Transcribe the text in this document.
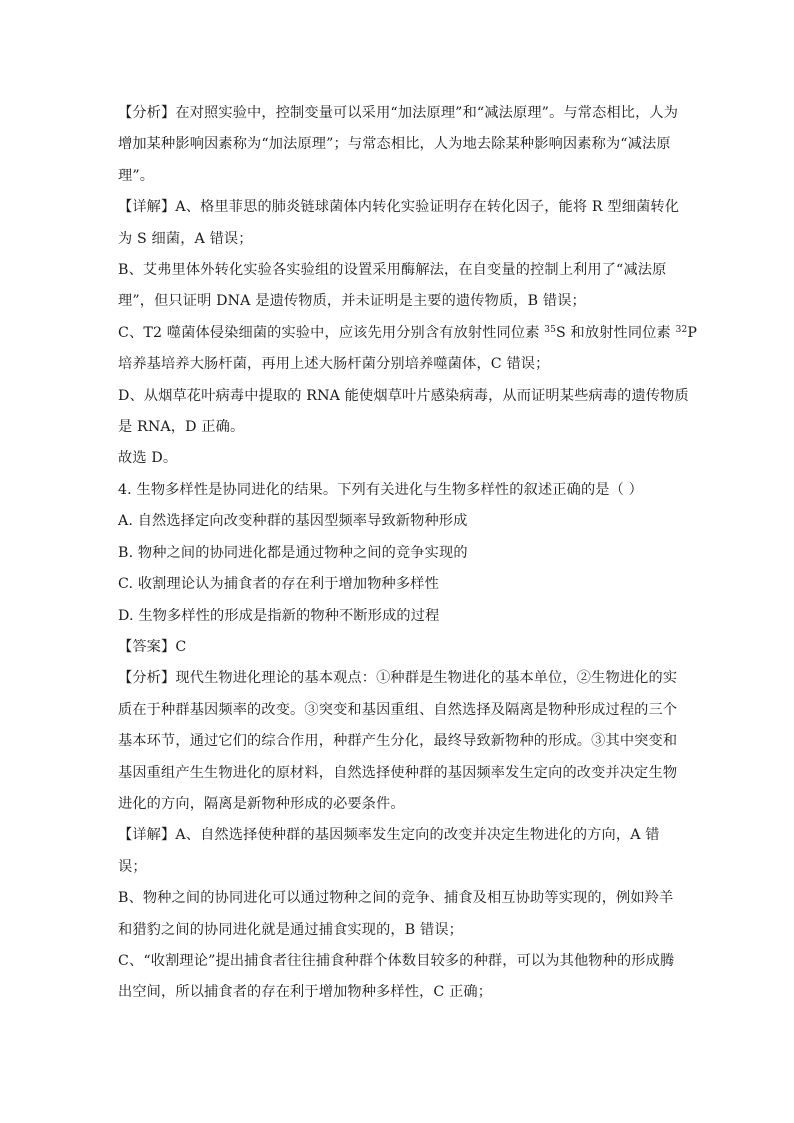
【分析】在对照实验中，控制变量可以采用“加法原理”和“减法原理”。与常态相比，人为
增加某种影响因素称为“加法原理”；与常态相比，人为地去除某种影响因素称为“减法原
理”。
【详解】A、格里菲思的肺炎链球菌体内转化实验证明存在转化因子，能将 R 型细菌转化
为 S 细菌，A 错误；
B、艾弗里体外转化实验各实验组的设置采用酶解法，在自变量的控制上利用了“减法原
理”，但只证明 DNA 是遗传物质，并未证明是主要的遗传物质，B 错误；
C、T2 噬菌体侵染细菌的实验中，应该先用分别含有放射性同位素 $^{35}$S 和放射性同位素 $^{32}$P
培养基培养大肠杆菌，再用上述大肠杆菌分别培养噬菌体，C 错误；
D、从烟草花叶病毒中提取的 RNA 能使烟草叶片感染病毒，从而证明某些病毒的遗传物质
是 RNA，D 正确。
故选 D。
4. 生物多样性是协同进化的结果。下列有关进化与生物多样性的叙述正确的是（ ）
A. 自然选择定向改变种群的基因型频率导致新物种形成
B. 物种之间的协同进化都是通过物种之间的竞争实现的
C. 收割理论认为捕食者的存在利于增加物种多样性
D. 生物多样性的形成是指新的物种不断形成的过程
【答案】C
【分析】现代生物进化理论的基本观点：①种群是生物进化的基本单位，②生物进化的实
质在于种群基因频率的改变。③突变和基因重组、自然选择及隔离是物种形成过程的三个
基本环节，通过它们的综合作用，种群产生分化，最终导致新物种的形成。③其中突变和
基因重组产生生物进化的原材料，自然选择使种群的基因频率发生定向的改变并决定生物
进化的方向，隔离是新物种形成的必要条件。
【详解】A、自然选择使种群的基因频率发生定向的改变并决定生物进化的方向，A 错
误；
B、物种之间的协同进化可以通过物种之间的竞争、捕食及相互协助等实现的，例如羚羊
和猎豹之间的协同进化就是通过捕食实现的，B 错误；
C、“收割理论”提出捕食者往往捕食种群个体数目较多的种群，可以为其他物种的形成腾
出空间，所以捕食者的存在利于增加物种多样性，C 正确；
